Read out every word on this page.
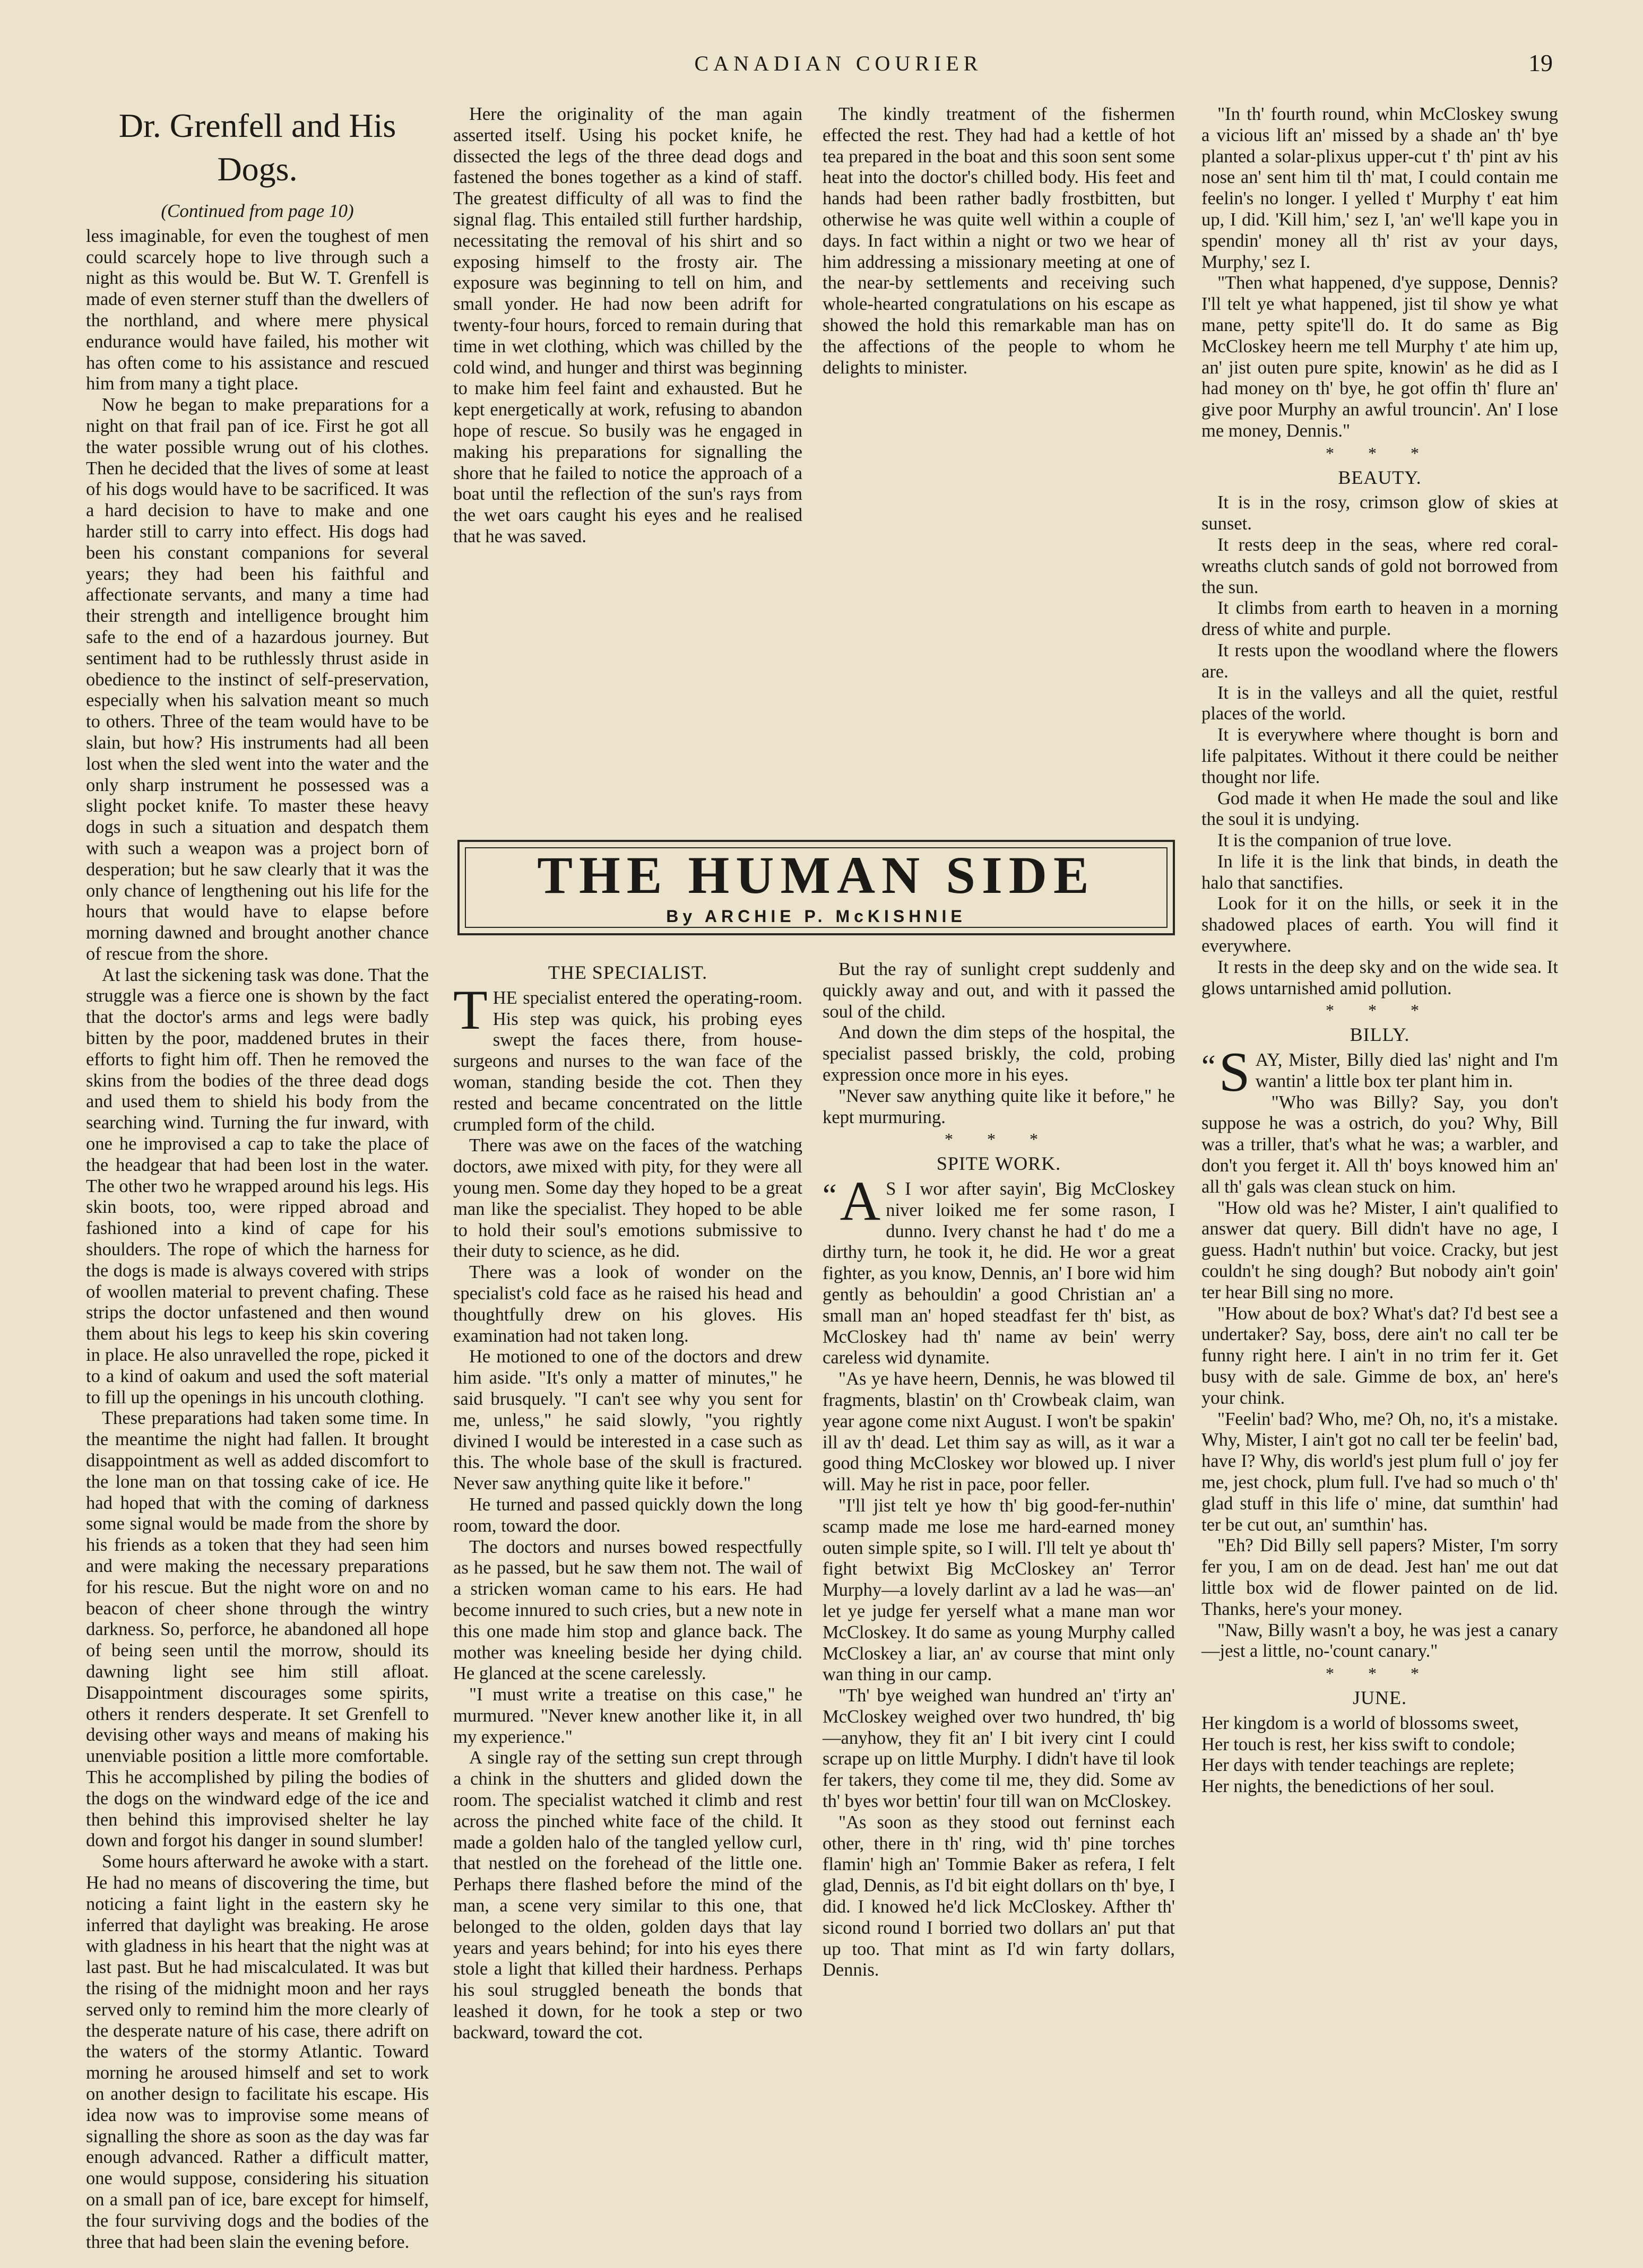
CANADIAN COURIER	19
Dr. Grenfell and His Dogs.
(Continued from page 10)

less imaginable, for even the toughest of men could scarcely hope to live through such a night as this would be. But W. T. Grenfell is made of even sterner stuff than the dwellers of the northland, and where mere physical endurance would have failed, his mother wit has often come to his assistance and rescued him from many a tight place.

Now he began to make preparations for a night on that frail pan of ice. First he got all the water possible wrung out of his clothes. Then he decided that the lives of some at least of his dogs would have to be sacrificed. It was a hard decision to have to make and one harder still to carry into effect. His dogs had been his constant companions for several years; they had been his faithful and affectionate servants, and many a time had their strength and intelligence brought him safe to the end of a hazardous journey. But sentiment had to be ruthlessly thrust aside in obedience to the instinct of self-preservation, especially when his salvation meant so much to others. Three of the team would have to be slain, but how? His instruments had all been lost when the sled went into the water and the only sharp instrument he possessed was a slight pocket knife. To master these heavy dogs in such a situation and despatch them with such a weapon was a project born of desperation; but he saw clearly that it was the only chance of lengthening out his life for the hours that would have to elapse before morning dawned and brought another chance of rescue from the shore.

At last the sickening task was done. That the struggle was a fierce one is shown by the fact that the doctor's arms and legs were badly bitten by the poor, maddened brutes in their efforts to fight him off. Then he removed the skins from the bodies of the three dead dogs and used them to shield his body from the searching wind. Turning the fur inward, with one he improvised a cap to take the place of the headgear that had been lost in the water. The other two he wrapped around his legs. His skin boots, too, were ripped abroad and fashioned into a kind of cape for his shoulders. The rope of which the harness for the dogs is made is always covered with strips of woollen material to prevent chafing. These strips the doctor unfastened and then wound them about his legs to keep his skin covering in place. He also unravelled the rope, picked it to a kind of oakum and used the soft material to fill up the openings in his uncouth clothing.

These preparations had taken some time. In the meantime the night had fallen. It brought disappointment as well as added discomfort to the lone man on that tossing cake of ice. He had hoped that with the coming of darkness some signal would be made from the shore by his friends as a token that they had seen him and were making the necessary preparations for his rescue. But the night wore on and no beacon of cheer shone through the wintry darkness. So, perforce, he abandoned all hope of being seen until the morrow, should its dawning light see him still afloat. Disappointment discourages some spirits, others it renders desperate. It set Grenfell to devising other ways and means of making his unenviable position a little more comfortable. This he accomplished by piling the bodies of the dogs on the windward edge of the ice and then behind this improvised shelter he lay down and forgot his danger in sound slumber!

Some hours afterward he awoke with a start. He had no means of discovering the time, but noticing a faint light in the eastern sky he inferred that daylight was breaking. He arose with gladness in his heart that the night was at last past. But he had miscalculated. It was but the rising of the midnight moon and her rays served only to remind him the more clearly of the desperate nature of his case, there adrift on the waters of the stormy Atlantic. Toward morning he aroused himself and set to work on another design to facilitate his escape. His idea now was to improvise some means of signalling the shore as soon as the day was far enough advanced. Rather a difficult matter, one would suppose, considering his situation on a small pan of ice, bare except for himself, the four surviving dogs and the bodies of the three that had been slain the evening before.

Here the originality of the man again asserted itself. Using his pocket knife, he dissected the legs of the three dead dogs and fastened the bones together as a kind of staff. The greatest difficulty of all was to find the signal flag. This entailed still further hardship, necessitating the removal of his shirt and so exposing himself to the frosty air. The exposure was beginning to tell on him, and small yonder. He had now been adrift for twenty-four hours, forced to remain during that time in wet clothing, which was chilled by the cold wind, and hunger and thirst was beginning to make him feel faint and exhausted. But he kept energetically at work, refusing to abandon hope of rescue. So busily was he engaged in making his preparations for signalling the shore that he failed to notice the approach of a boat until the reflection of the sun's rays from the wet oars caught his eyes and he realised that he was saved.

The kindly treatment of the fishermen effected the rest. They had had a kettle of hot tea prepared in the boat and this soon sent some heat into the doctor's chilled body. His feet and hands had been rather badly frostbitten, but otherwise he was quite well within a couple of days. In fact within a night or two we hear of him addressing a missionary meeting at one of the near-by settlements and receiving such whole-hearted congratulations on his escape as showed the hold this remarkable man has on the affections of the people to whom he delights to minister.

THE HUMAN SIDE
By ARCHIE P. McKISHNIE
THE SPECIALIST.

THE specialist entered the operating-room. His step was quick, his probing eyes swept the faces there, from house-surgeons and nurses to the wan face of the woman, standing beside the cot. Then they rested and became concentrated on the little crumpled form of the child.

There was awe on the faces of the watching doctors, awe mixed with pity, for they were all young men. Some day they hoped to be a great man like the specialist. They hoped to be able to hold their soul's emotions submissive to their duty to science, as he did.

There was a look of wonder on the specialist's cold face as he raised his head and thoughtfully drew on his gloves. His examination had not taken long.

He motioned to one of the doctors and drew him aside. "It's only a matter of minutes," he said brusquely. "I can't see why you sent for me, unless," he said slowly, "you rightly divined I would be interested in a case such as this. The whole base of the skull is fractured. Never saw anything quite like it before."

He turned and passed quickly down the long room, toward the door.

The doctors and nurses bowed respectfully as he passed, but he saw them not. The wail of a stricken woman came to his ears. He had become innured to such cries, but a new note in this one made him stop and glance back. The mother was kneeling beside her dying child. He glanced at the scene carelessly.

"I must write a treatise on this case," he murmured. "Never knew another like it, in all my experience."

A single ray of the setting sun crept through a chink in the shutters and glided down the room. The specialist watched it climb and rest across the pinched white face of the child. It made a golden halo of the tangled yellow curl, that nestled on the forehead of the little one. Perhaps there flashed before the mind of the man, a scene very similar to this one, that belonged to the olden, golden days that lay years and years behind; for into his eyes there stole a light that killed their hardness. Perhaps his soul struggled beneath the bonds that leashed it down, for he took a step or two backward, toward the cot.

But the ray of sunlight crept suddenly and quickly away and out, and with it passed the soul of the child.

And down the dim steps of the hospital, the specialist passed briskly, the cold, probing expression once more in his eyes.

"Never saw anything quite like it before," he kept murmuring.

* * *
SPITE WORK.

“ A S I wor after sayin', Big McCloskey niver loiked me fer some rason, I dunno. Ivery chanst he had t' do me a dirthy turn, he took it, he did. He wor a great fighter, as you know, Dennis, an' I bore wid him gently as behouldin' a good Christian an' a small man an' hoped steadfast fer th' bist, as McCloskey had th' name av bein' werry careless wid dynamite.

"As ye have heern, Dennis, he was blowed til fragments, blastin' on th' Crowbeak claim, wan year agone come nixt August. I won't be spakin' ill av th' dead. Let thim say as will, as it war a good thing McCloskey wor blowed up. I niver will. May he rist in pace, poor feller.

"I'll jist telt ye how th' big good-fer-nuthin' scamp made me lose me hard-earned money outen simple spite, so I will. I'll telt ye about th' fight betwixt Big McCloskey an' Terror Murphy—a lovely darlint av a lad he was—an' let ye judge fer yerself what a mane man wor McCloskey. It do same as young Murphy called McCloskey a liar, an' av course that mint only wan thing in our camp.

"Th' bye weighed wan hundred an' t'irty an' McCloskey weighed over two hundred, th' big—anyhow, they fit an' I bit ivery cint I could scrape up on little Murphy. I didn't have til look fer takers, they come til me, they did. Some av th' byes wor bettin' four till wan on McCloskey.

"As soon as they stood out ferninst each other, there in th' ring, wid th' pine torches flamin' high an' Tommie Baker as refera, I felt glad, Dennis, as I'd bit eight dollars on th' bye, I did. I knowed he'd lick McCloskey. Afther th' sicond round I borried two dollars an' put that up too. That mint as I'd win farty dollars, Dennis.

"In th' fourth round, whin McCloskey swung a vicious lift an' missed by a shade an' th' bye planted a solar-plixus upper-cut t' th' pint av his nose an' sent him til th' mat, I could contain me feelin's no longer. I yelled t' Murphy t' eat him up, I did. 'Kill him,' sez I, 'an' we'll kape you in spendin' money all th' rist av your days, Murphy,' sez I.

"Then what happened, d'ye suppose, Dennis? I'll telt ye what happened, jist til show ye what mane, petty spite'll do. It do same as Big McCloskey heern me tell Murphy t' ate him up, an' jist outen pure spite, knowin' as he did as I had money on th' bye, he got offin th' flure an' give poor Murphy an awful trouncin'. An' I lose me money, Dennis."

* * *
BEAUTY.

It is in the rosy, crimson glow of skies at sunset.

It rests deep in the seas, where red coral-wreaths clutch sands of gold not borrowed from the sun.

It climbs from earth to heaven in a morning dress of white and purple.

It rests upon the woodland where the flowers are.

It is in the valleys and all the quiet, restful places of the world.

It is everywhere where thought is born and life palpitates. Without it there could be neither thought nor life.

God made it when He made the soul and like the soul it is undying.

It is the companion of true love.

In life it is the link that binds, in death the halo that sanctifies.

Look for it on the hills, or seek it in the shadowed places of earth. You will find it everywhere.

It rests in the deep sky and on the wide sea. It glows untarnished amid pollution.

* * *
BILLY.

“ S AY, Mister, Billy died las' night and I'm wantin' a little box ter plant him in.

"Who was Billy? Say, you don't suppose he was a ostrich, do you? Why, Bill was a triller, that's what he was; a warbler, and don't you ferget it. All th' boys knowed him an' all th' gals was clean stuck on him.

"How old was he? Mister, I ain't qualified to answer dat query. Bill didn't have no age, I guess. Hadn't nuthin' but voice. Cracky, but jest couldn't he sing dough? But nobody ain't goin' ter hear Bill sing no more.

"How about de box? What's dat? I'd best see a undertaker? Say, boss, dere ain't no call ter be funny right here. I ain't in no trim fer it. Get busy with de sale. Gimme de box, an' here's your chink.

"Feelin' bad? Who, me? Oh, no, it's a mistake. Why, Mister, I ain't got no call ter be feelin' bad, have I? Why, dis world's jest plum full o' joy fer me, jest chock, plum full. I've had so much o' th' glad stuff in this life o' mine, dat sumthin' had ter be cut out, an' sumthin' has.

"Eh? Did Billy sell papers? Mister, I'm sorry fer you, I am on de dead. Jest han' me out dat little box wid de flower painted on de lid. Thanks, here's your money.

"Naw, Billy wasn't a boy, he was jest a canary—jest a little, no-'count canary."

* * *
JUNE.

Her kingdom is a world of blossoms sweet,

Her touch is rest, her kiss swift to condole;

Her days with tender teachings are replete;

Her nights, the benedictions of her soul.
